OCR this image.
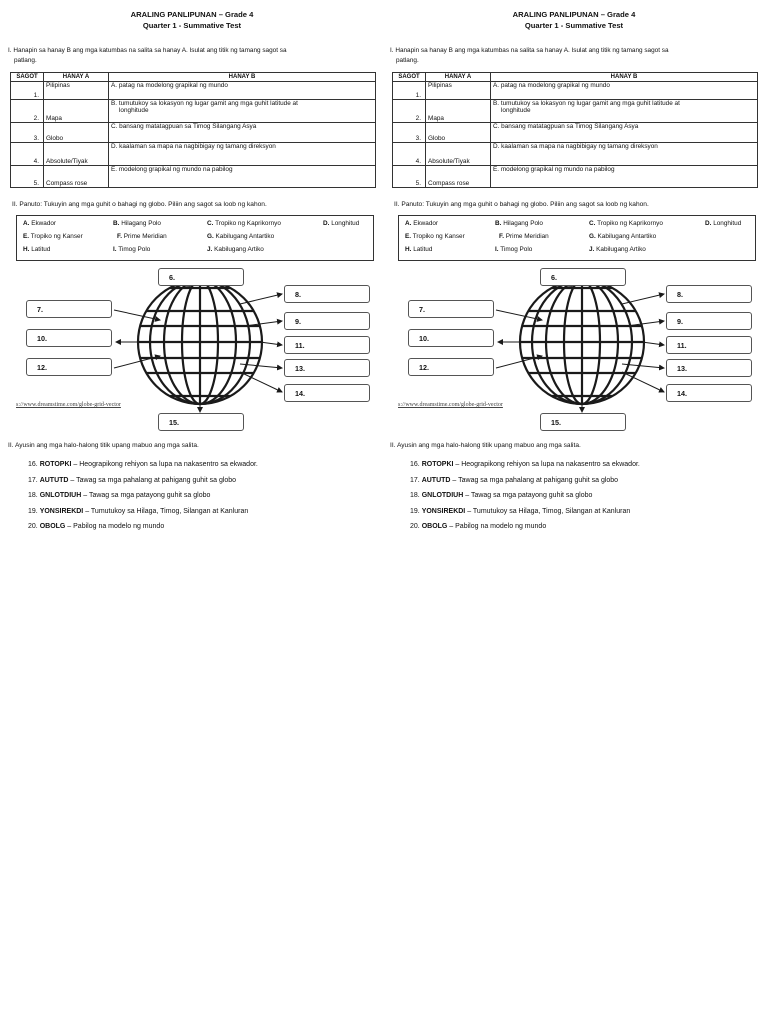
ARALING PANLIPUNAN – Grade 4
Quarter 1 - Summative Test
I. Hanapin sa hanay B ang mga katumbas na salita sa hanay A. Isulat ang titik ng tamang sagot sa
patlang.
SAGOT	HANAY A	HANAY B
1.	Pilipinas	A. patag na modelong grapikal ng mundo

2.	Mapa	B. tumutukoy sa lokasyon ng lugar gamit ang mga guhit latitude at
longhitude

3.	Globo	C. bansang matatagpuan sa Timog Silangang Asya

4.	Absolute/Tiyak	D. kaalaman sa mapa na nagbibigay ng tamang direksyon

5.	Compass rose	E. modelong grapikal ng mundo na pabilog
II. Panuto: Tukuyin ang mga guhit o bahagi ng globo. Piliin ang sagot sa loob ng kahon.
A. Ekwador	B. Hilagang Polo	C. Tropiko ng Kaprikornyo	D. Longhitud
E. Tropiko ng Kanser	F. Prime Meridian	G. Kabilugang Antartiko
H. Latitud	I. Timog Polo	J. Kabilugang Artiko
6.
7.
8.
9.
10.
11.
12.	13.
14.
15.
s://www.dreamstime.com/globe-grid-vector
II. Ayusin ang mga halo-halong titik upang mabuo ang mga salita.
16. ROTOPKI – Heograpikong rehiyon sa lupa na nakasentro sa ekwador.
17. AUTUTD – Tawag sa mga pahalang at pahigang guhit sa globo
18. GNLOTDIUH – Tawag sa mga patayong guhit sa globo
19. YONSIREKDI – Tumutukoy sa Hilaga, Timog, Silangan at Kanluran
20. OBOLG – Pabilog na modelo ng mundo
ARALING PANLIPUNAN – Grade 4
Quarter 1 - Summative Test
I. Hanapin sa hanay B ang mga katumbas na salita sa hanay A. Isulat ang titik ng tamang sagot sa
patlang.
SAGOT	HANAY A	HANAY B
1.	Pilipinas	A. patag na modelong grapikal ng mundo

2.	Mapa	B. tumutukoy sa lokasyon ng lugar gamit ang mga guhit latitude at
longhitude

3.	Globo	C. bansang matatagpuan sa Timog Silangang Asya

4.	Absolute/Tiyak	D. kaalaman sa mapa na nagbibigay ng tamang direksyon

5.	Compass rose	E. modelong grapikal ng mundo na pabilog
II. Panuto: Tukuyin ang mga guhit o bahagi ng globo. Piliin ang sagot sa loob ng kahon.
A. Ekwador	B. Hilagang Polo	C. Tropiko ng Kaprikornyo	D. Longhitud
E. Tropiko ng Kanser	F. Prime Meridian	G. Kabilugang Antartiko
H. Latitud	I. Timog Polo	J. Kabilugang Artiko
6.
7.
8.
9.
10.
11.
12.	13.
14.
15.
s://www.dreamstime.com/globe-grid-vector
II. Ayusin ang mga halo-halong titik upang mabuo ang mga salita.
16. ROTOPKI – Heograpikong rehiyon sa lupa na nakasentro sa ekwador.
17. AUTUTD – Tawag sa mga pahalang at pahigang guhit sa globo
18. GNLOTDIUH – Tawag sa mga patayong guhit sa globo
19. YONSIREKDI – Tumutukoy sa Hilaga, Timog, Silangan at Kanluran
20. OBOLG – Pabilog na modelo ng mundo
